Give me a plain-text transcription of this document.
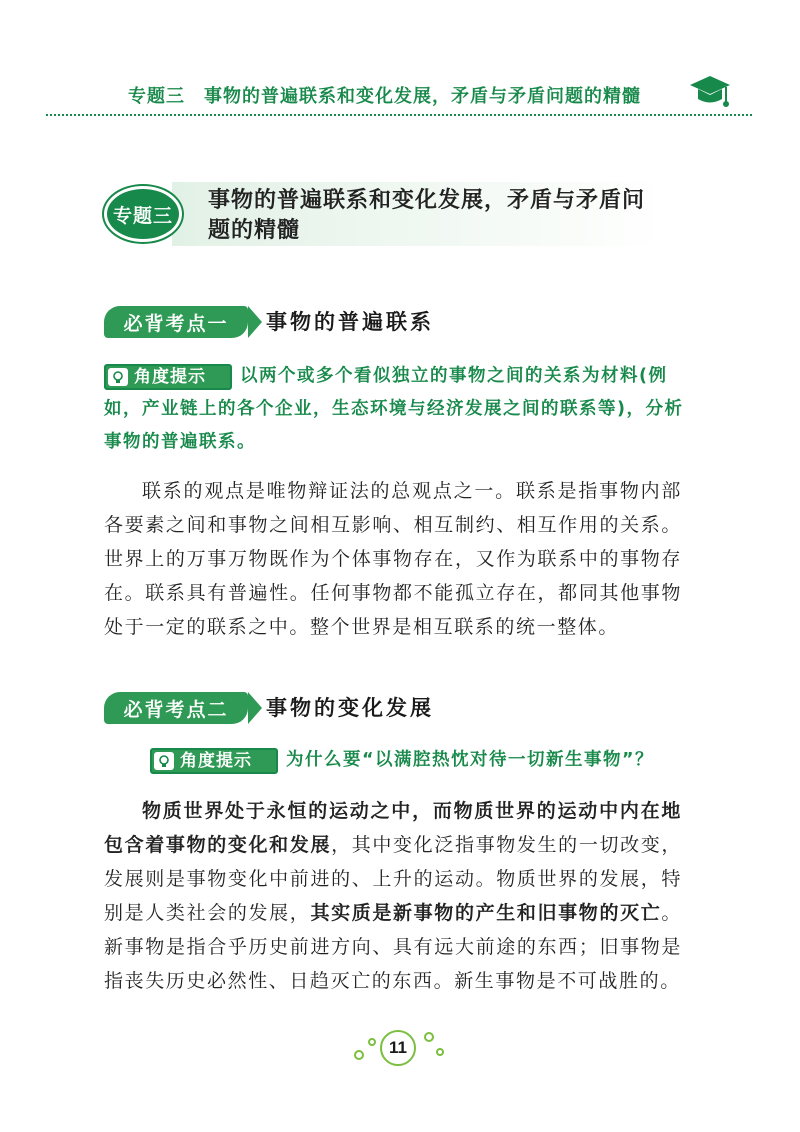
专题三　事物的普遍联系和变化发展，矛盾与矛盾问题的精髓
专题三
事物的普遍联系和变化发展，矛盾与矛盾问题的精髓
必背考点一	事物的普遍联系
角度提示	以两个或多个看似独立的事物之间的关系为材料(例如，产业链上的各个企业，生态环境与经济发展之间的联系等)，分析事物的普遍联系。
联系的观点是唯物辩证法的总观点之一。联系是指事物内部各要素之间和事物之间相互影响、相互制约、相互作用的关系。世界上的万事万物既作为个体事物存在，又作为联系中的事物存在。联系具有普遍性。任何事物都不能孤立存在，都同其他事物处于一定的联系之中。整个世界是相互联系的统一整体。
必背考点二	事物的变化发展
角度提示 为什么要“以满腔热忱对待一切新生事物”？
物质世界处于永恒的运动之中，而物质世界的运动中内在地包含着事物的变化和发展，其中变化泛指事物发生的一切改变，发展则是事物变化中前进的、上升的运动。物质世界的发展，特别是人类社会的发展，其实质是新事物的产生和旧事物的灭亡。新事物是指合乎历史前进方向、具有远大前途的东西；旧事物是指丧失历史必然性、日趋灭亡的东西。新生事物是不可战胜的。
11
